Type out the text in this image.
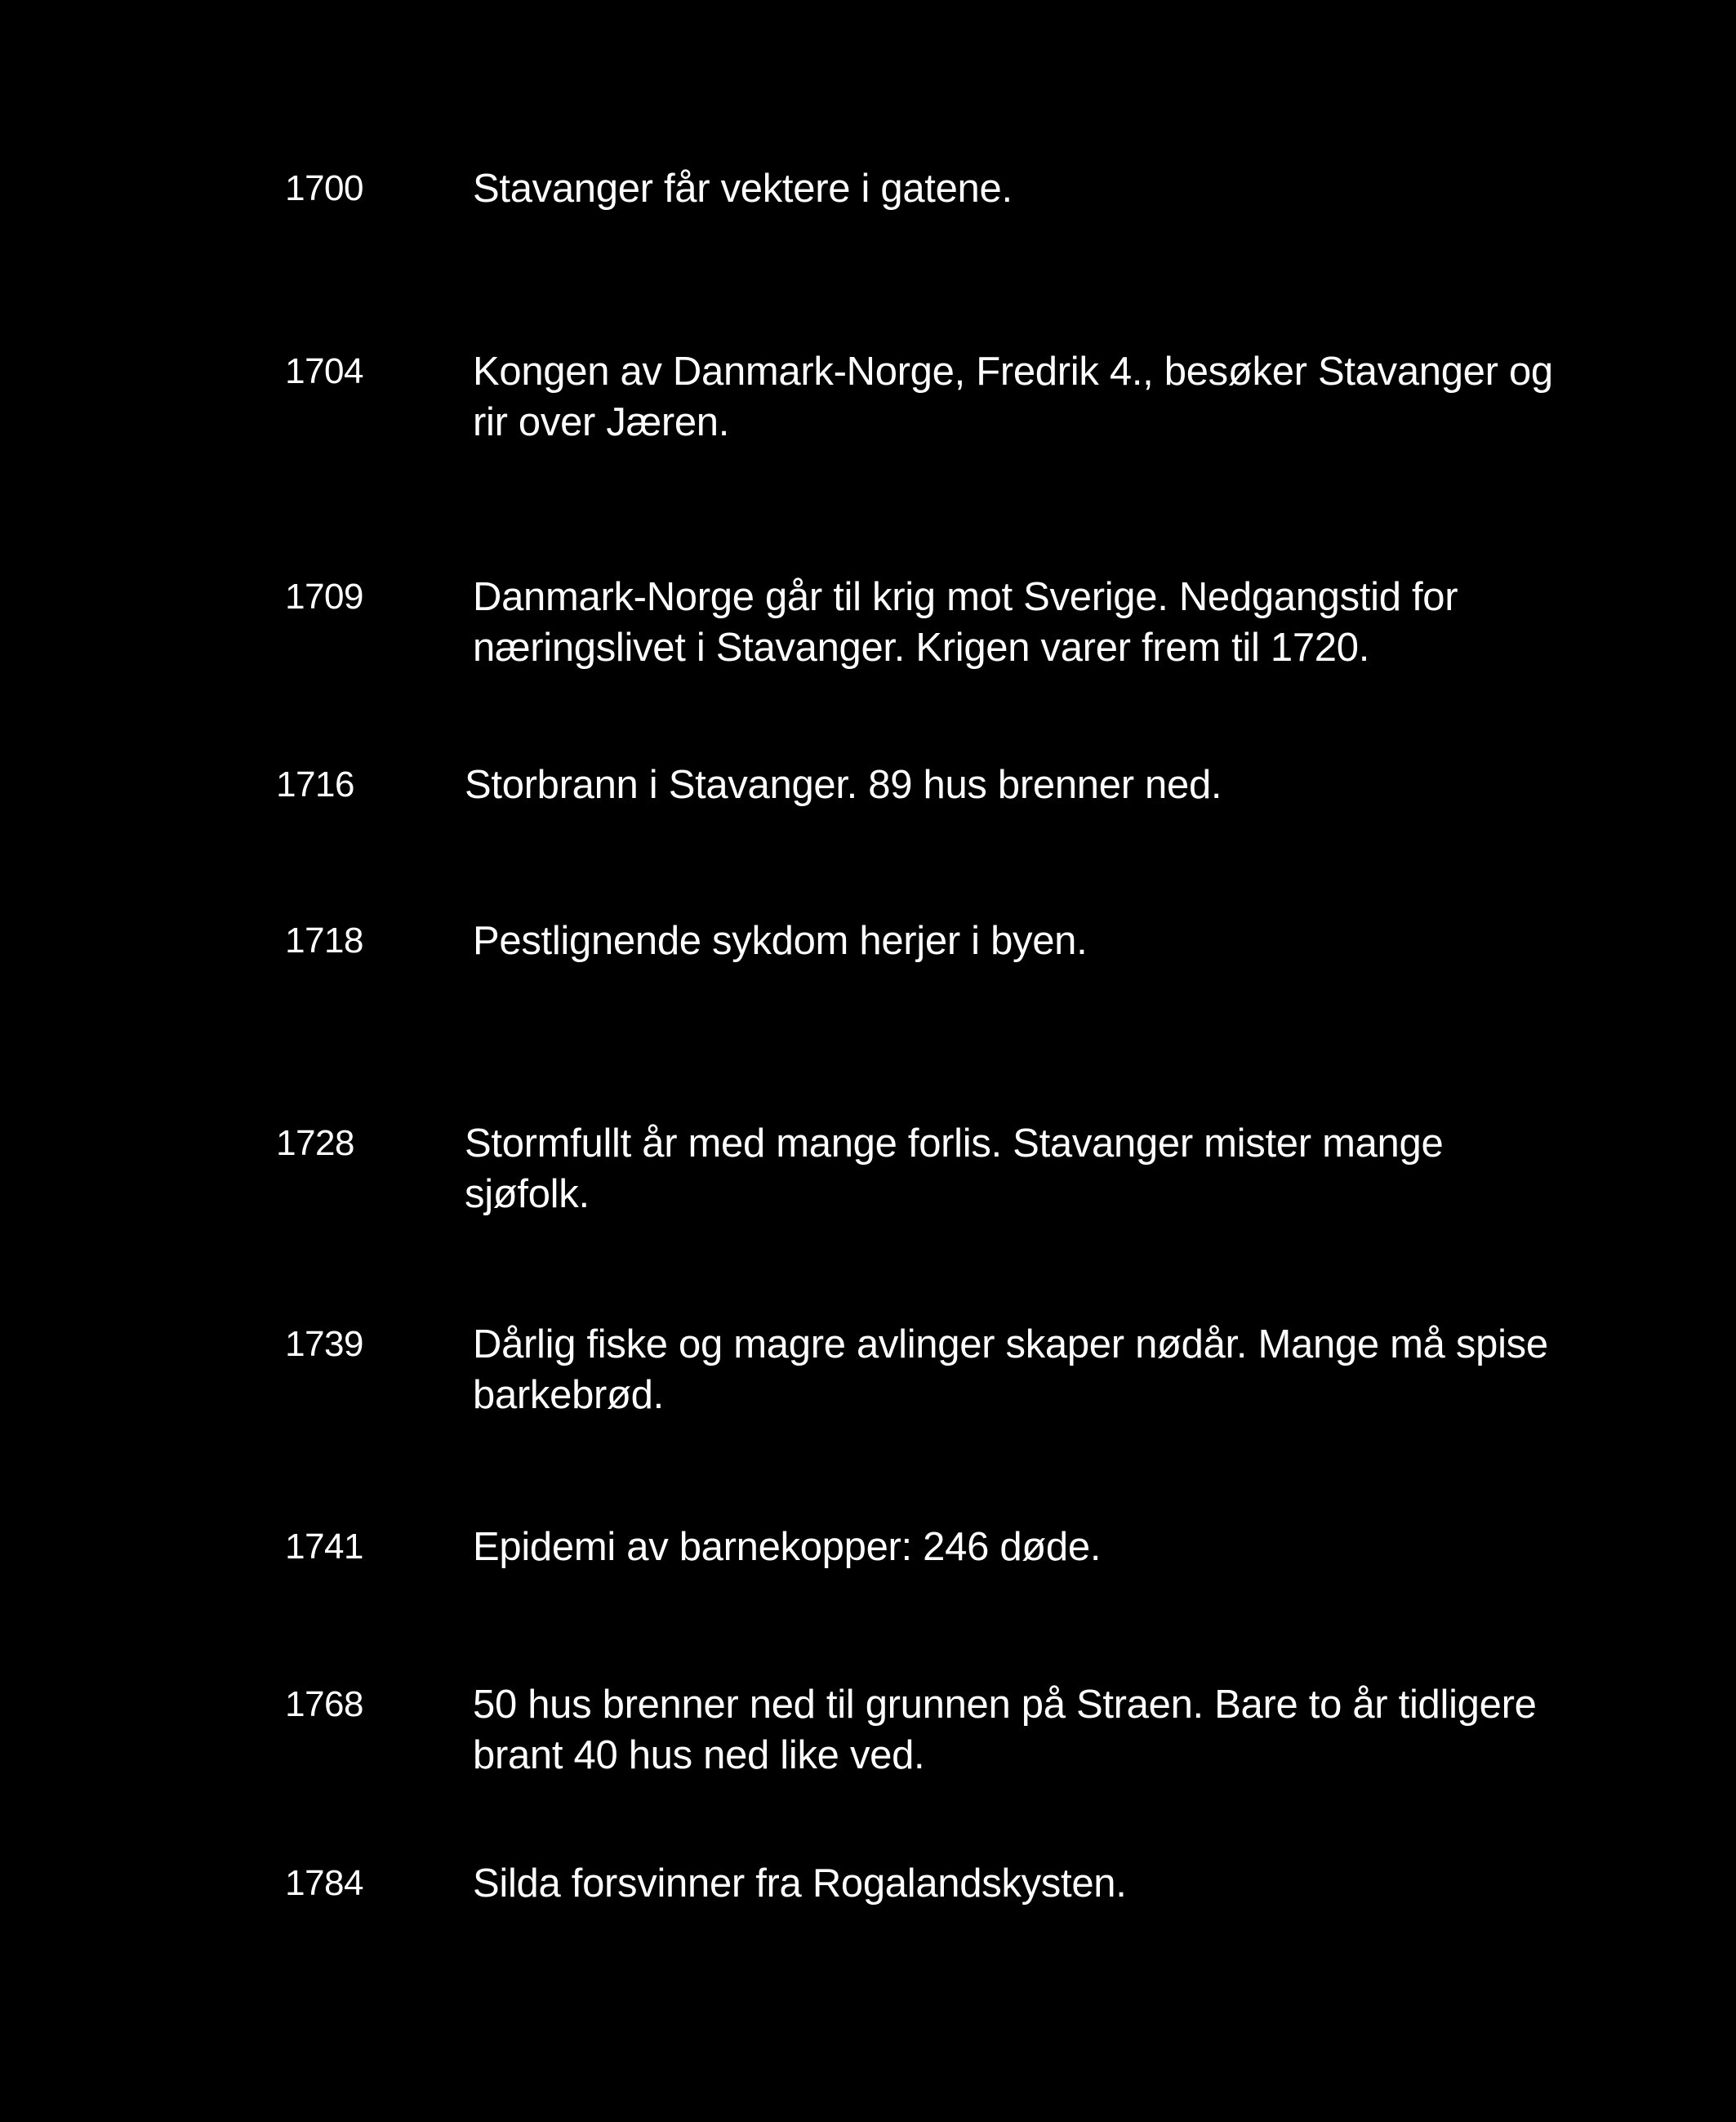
1700	Stavanger får vektere i gatene.
1704	Kongen av Danmark-Norge, Fredrik 4., besøker Stavanger og
rir over Jæren.
1709	Danmark-Norge går til krig mot Sverige. Nedgangstid for
næringslivet i Stavanger. Krigen varer frem til 1720.
1716	Storbrann i Stavanger. 89 hus brenner ned.
1718	Pestlignende sykdom herjer i byen.
1728	Stormfullt år med mange forlis. Stavanger mister mange
sjøfolk.
1739	Dårlig fiske og magre avlinger skaper nødår. Mange må spise
barkebrød.
1741	Epidemi av barnekopper: 246 døde.
1768	50 hus brenner ned til grunnen på Straen. Bare to år tidligere
brant 40 hus ned like ved.
1784	Silda forsvinner fra Rogalandskysten.
